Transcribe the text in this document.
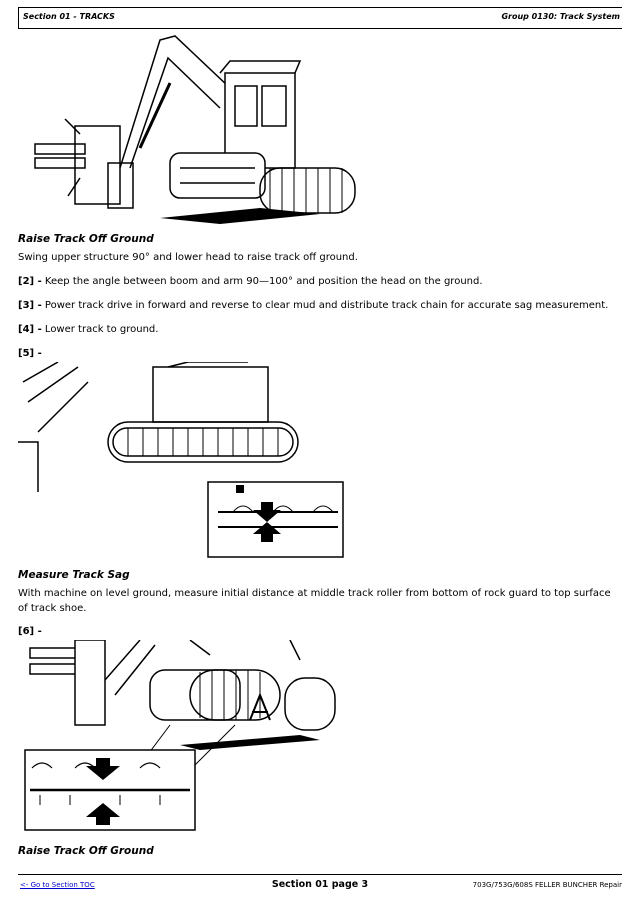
Section 01 - TRACKS	Group 0130: Track System
Raise Track Off Ground
Swing upper structure 90° and lower head to raise track off ground.
[2] - Keep the angle between boom and arm 90—100° and position the head on the ground.
[3] - Power track drive in forward and reverse to clear mud and distribute track chain for accurate sag measurement.
[4] - Lower track to ground.
[5] -
Measure Track Sag
With machine on level ground, measure initial distance at middle track roller from bottom of rock guard to top surface of track shoe.
[6] -
Raise Track Off Ground
<- Go to Section TOC	Section 01 page 3	703G/753G/608S FELLER BUNCHER Repair
